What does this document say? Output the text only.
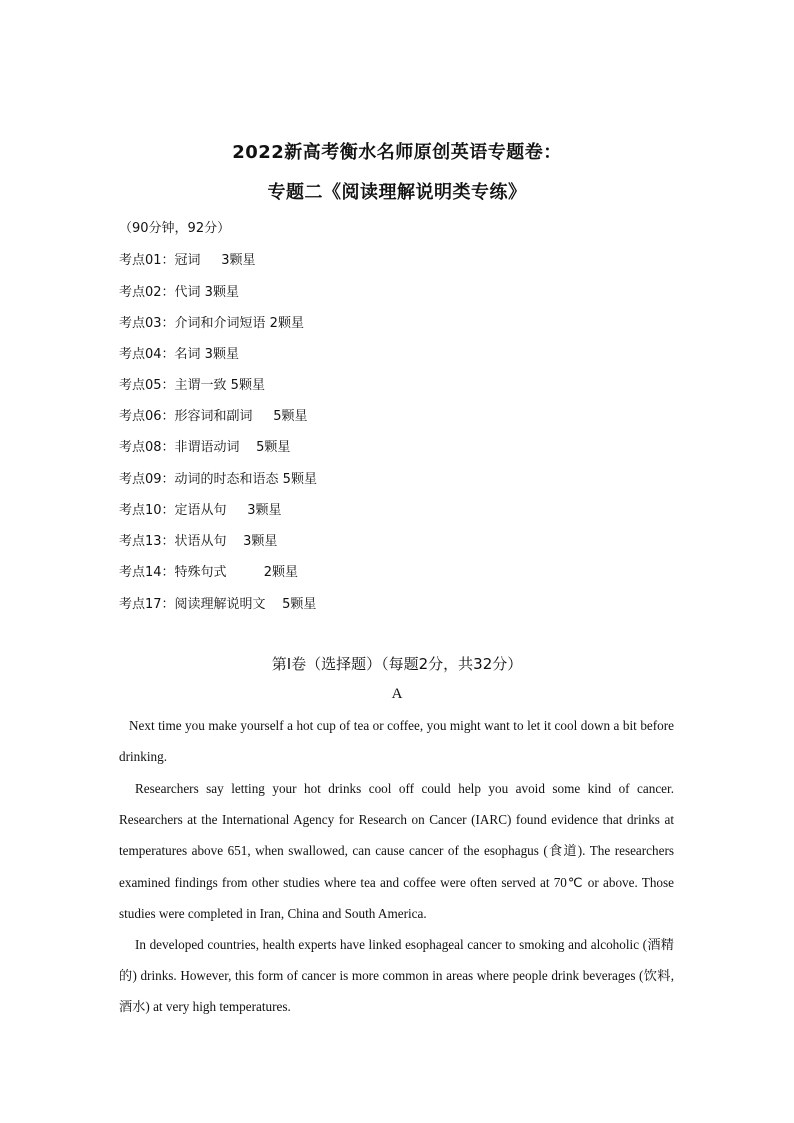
2022新高考衡水名师原创英语专题卷：
专题二《阅读理解说明类专练》
（90分钟，92分）
考点01：冠词     3颗星
考点02：代词 3颗星
考点03：介词和介词短语 2颗星
考点04：名词 3颗星
考点05：主谓一致 5颗星
考点06：形容词和副词     5颗星
考点08：非谓语动词    5颗星
考点09：动词的时态和语态 5颗星
考点10：定语从句     3颗星
考点13：状语从句    3颗星
考点14：特殊句式         2颗星
考点17：阅读理解说明文    5颗星
第Ⅰ卷（选择题）（每题2分，共32分）
A

Next time you make yourself a hot cup of tea or coffee, you might want to let it cool down a bit before drinking.

Researchers say letting your hot drinks cool off could help you avoid some kind of cancer. Researchers at the International Agency for Research on Cancer (IARC) found evidence that drinks at temperatures above 651, when swallowed, can cause cancer of the esophagus (食道). The researchers examined findings from other studies where tea and coffee were often served at 70℃ or above. Those studies were completed in Iran, China and South America.

In developed countries, health experts have linked esophageal cancer to smoking and alcoholic (酒精的) drinks. However, this form of cancer is more common in areas where people drink beverages (饮料, 酒水) at very high temperatures.
